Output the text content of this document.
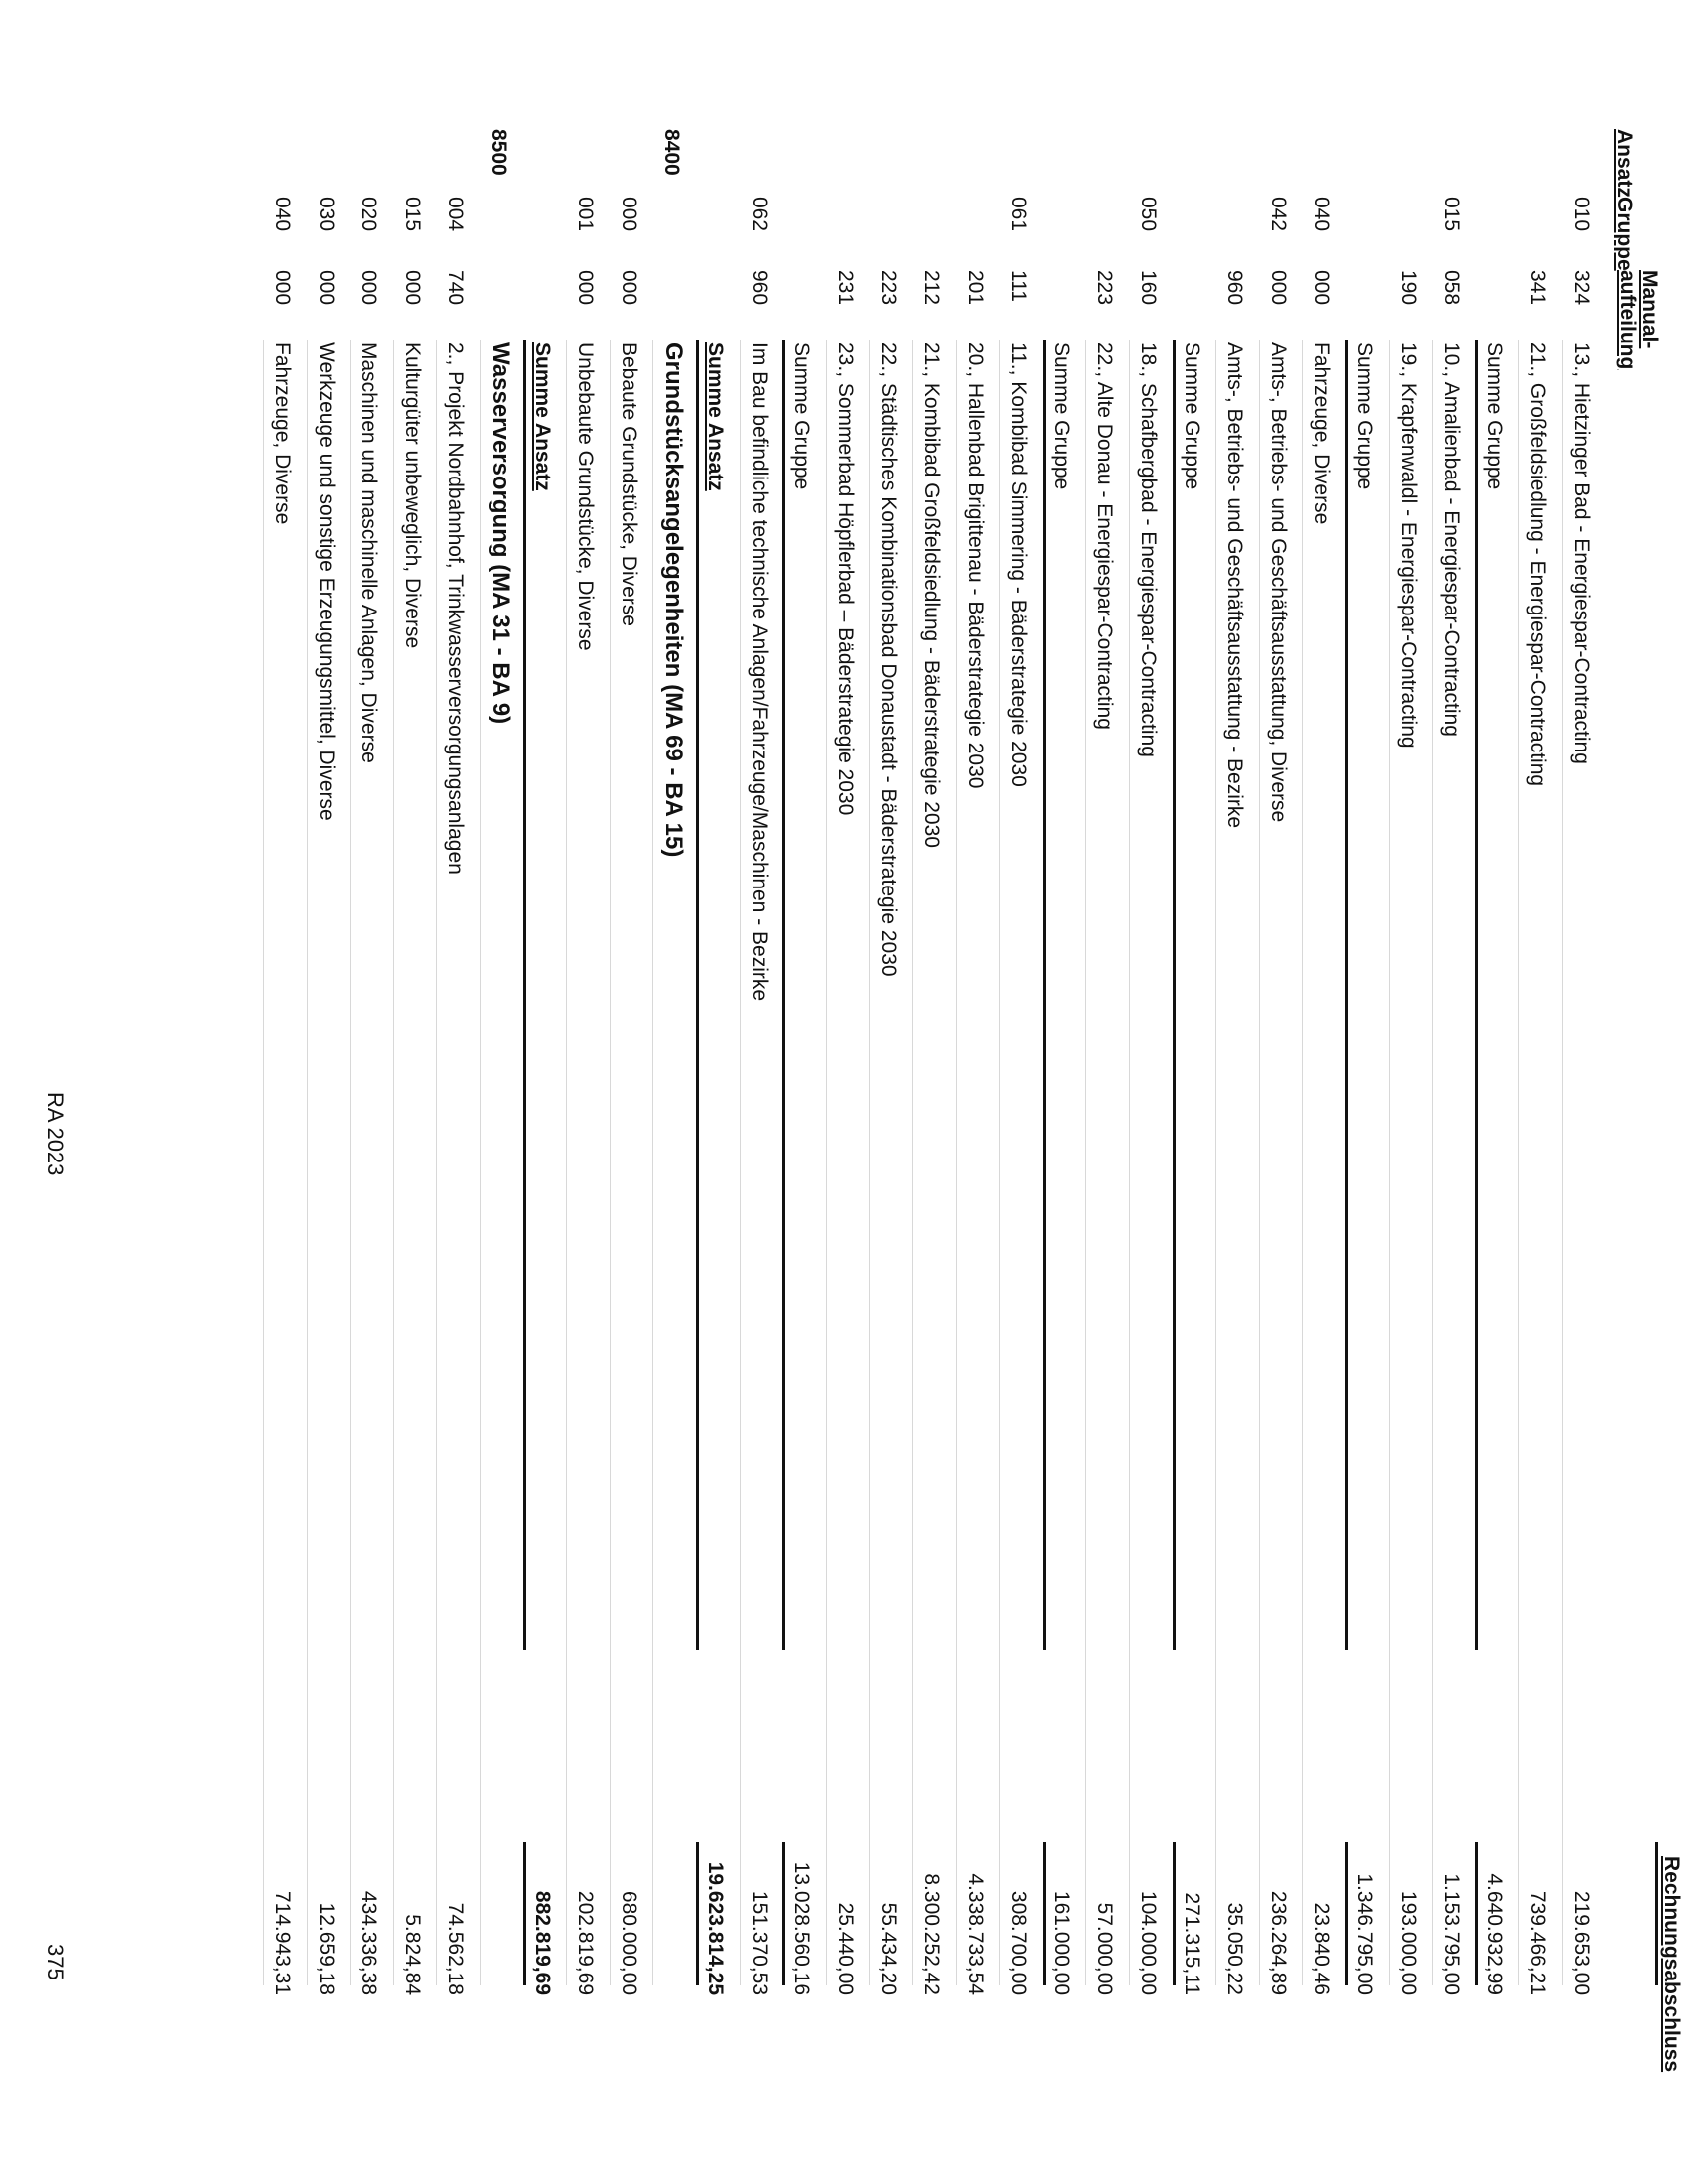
Ansatz
Gruppe
Manual-
aufteilung
Rechnungsabschluss
010
324
13., Hietzinger Bad - Energiespar-Contracting
219.653,00
341
21., Großfeldsiedlung - Energiespar-Contracting
739.466,21
Summe Gruppe
4.640.932,99
015
058
10., Amalienbad - Energiespar-Contracting
1.153.795,00
190
19., Krapfenwaldl - Energiespar-Contracting
193.000,00
Summe Gruppe
1.346.795,00
040
000
Fahrzeuge, Diverse
23.840,46
042
000
Amts-, Betriebs- und Geschäftsausstattung, Diverse
236.264,89
960
Amts-, Betriebs- und Geschäftsausstattung - Bezirke
35.050,22
Summe Gruppe
271.315,11
050
160
18., Schafbergbad - Energiespar-Contracting
104.000,00
223
22., Alte Donau - Energiespar-Contracting
57.000,00
Summe Gruppe
161.000,00
061
111
11., Kombibad Simmering - Bäderstrategie 2030
308.700,00
201
20., Hallenbad Brigittenau - Bäderstrategie 2030
4.338.733,54
212
21., Kombibad Großfeldsiedlung - Bäderstrategie 2030
8.300.252,42
223
22., Städtisches Kombinationsbad Donaustadt - Bäderstrategie 2030
55.434,20
231
23., Sommerbad Höpflerbad – Bäderstrategie 2030
25.440,00
Summe Gruppe
13.028.560,16
062
960
Im Bau befindliche technische Anlagen/Fahrzeuge/Maschinen - Bezirke
151.370,53
Summe Ansatz
19.623.814,25
8400
Grundstücksangelegenheiten (MA 69 - BA 15)
000
000
Bebaute Grundstücke, Diverse
680.000,00
001
000
Unbebaute Grundstücke, Diverse
202.819,69
Summe Ansatz
882.819,69
8500
Wasserversorgung (MA 31 - BA 9)
004
740
2., Projekt Nordbahnhof, Trinkwasserversorgungsanlagen
74.562,18
015
000
Kulturgüter unbeweglich, Diverse
5.824,84
020
000
Maschinen und maschinelle Anlagen, Diverse
434.336,38
030
000
Werkzeuge und sonstige Erzeugungsmittel, Diverse
12.659,18
040
000
Fahrzeuge, Diverse
714.943,31
RA 2023
375
